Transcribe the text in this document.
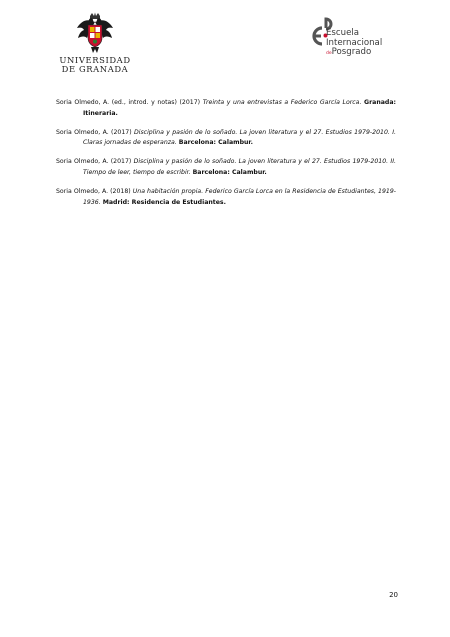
UNIVERSIDAD
DE GRANADA
Escuela
Internacional
dePosgrado

Soria Olmedo, A. (ed., introd. y notas) (2017) Treinta y una entrevistas a Federico García Lorca. Granada: Itineraria.

Soria Olmedo, A. (2017) Disciplina y pasión de lo soñado. La joven literatura y el 27. Estudios 1979-2010. I. Claras jornadas de esperanza. Barcelona: Calambur.

Soria Olmedo, A. (2017) Disciplina y pasión de lo soñado. La joven literatura y el 27. Estudios 1979-2010. II. Tiempo de leer, tiempo de escribir. Barcelona: Calambur.

Soria Olmedo, A. (2018) Una habitación propia. Federico García Lorca en la Residencia de Estudiantes, 1919-1936. Madrid: Residencia de Estudiantes.

20
